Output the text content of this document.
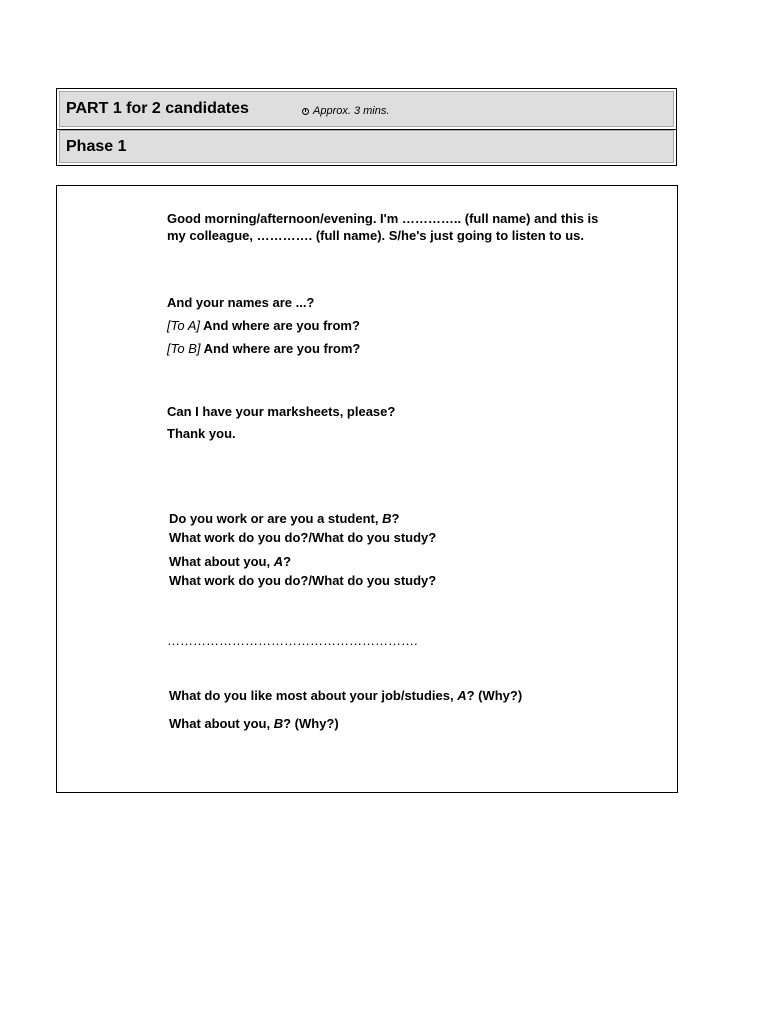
PART 1 for 2 candidates	Approx. 3 mins.
Phase 1
Good morning/afternoon/evening. I'm ………….. (full name) and this is
my colleague, …………. (full name). S/he's just going to listen to us.
And your names are ...?
[To A] And where are you from?
[To B] And where are you from?
Can I have your marksheets, please?
Thank you.
Do you work or are you a student, B?
What work do you do?/What do you study?
What about you, A?
What work do you do?/What do you study?
………………………………………………….
What do you like most about your job/studies, A? (Why?)
What about you, B? (Why?)
